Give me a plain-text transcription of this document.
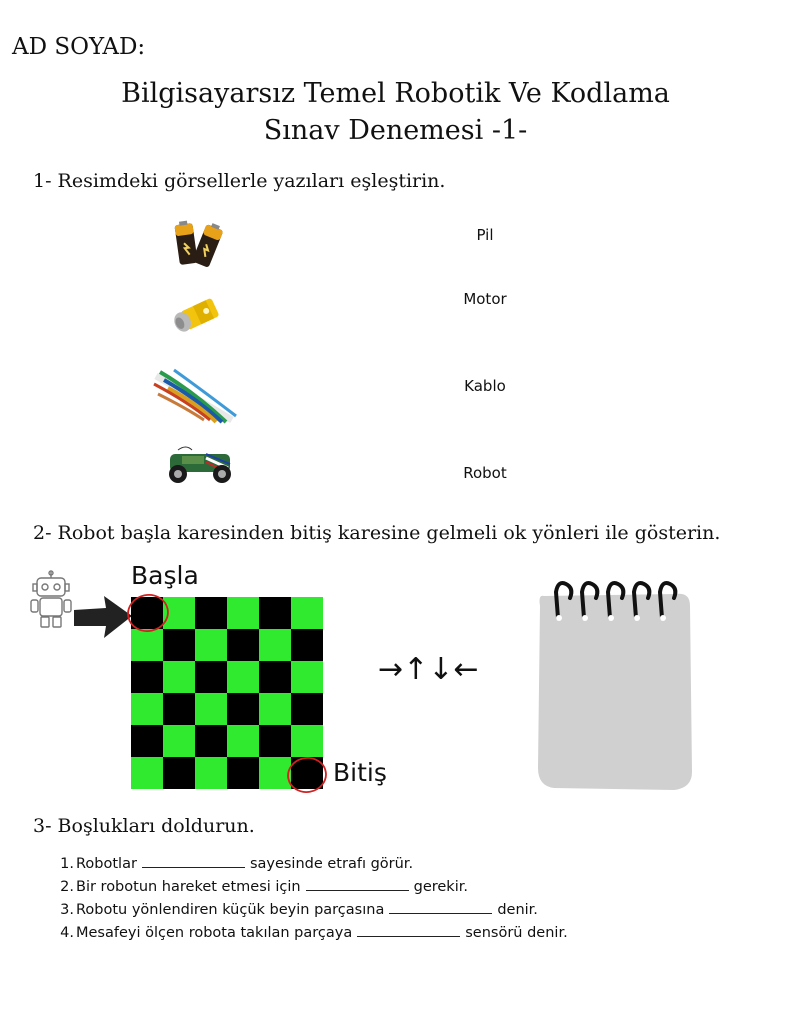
AD SOYAD:
Bilgisayarsız Temel Robotik Ve Kodlama
Sınav Denemesi -1-
1- Resimdeki görsellerle yazıları eşleştirin.
Pil
Motor
Kablo
Robot
2- Robot başla karesinden bitiş karesine gelmeli ok yönleri ile gösterin.
Başla
Bitiş
→↑↓←
3- Boşlukları doldurun.
1. Robotlar	sayesinde etrafı görür.
2. Bir robotun hareket etmesi için	gerekir.
3. Robotu yönlendiren küçük beyin parçasına	denir.
4. Mesafeyi ölçen robota takılan parçaya	sensörü denir.
